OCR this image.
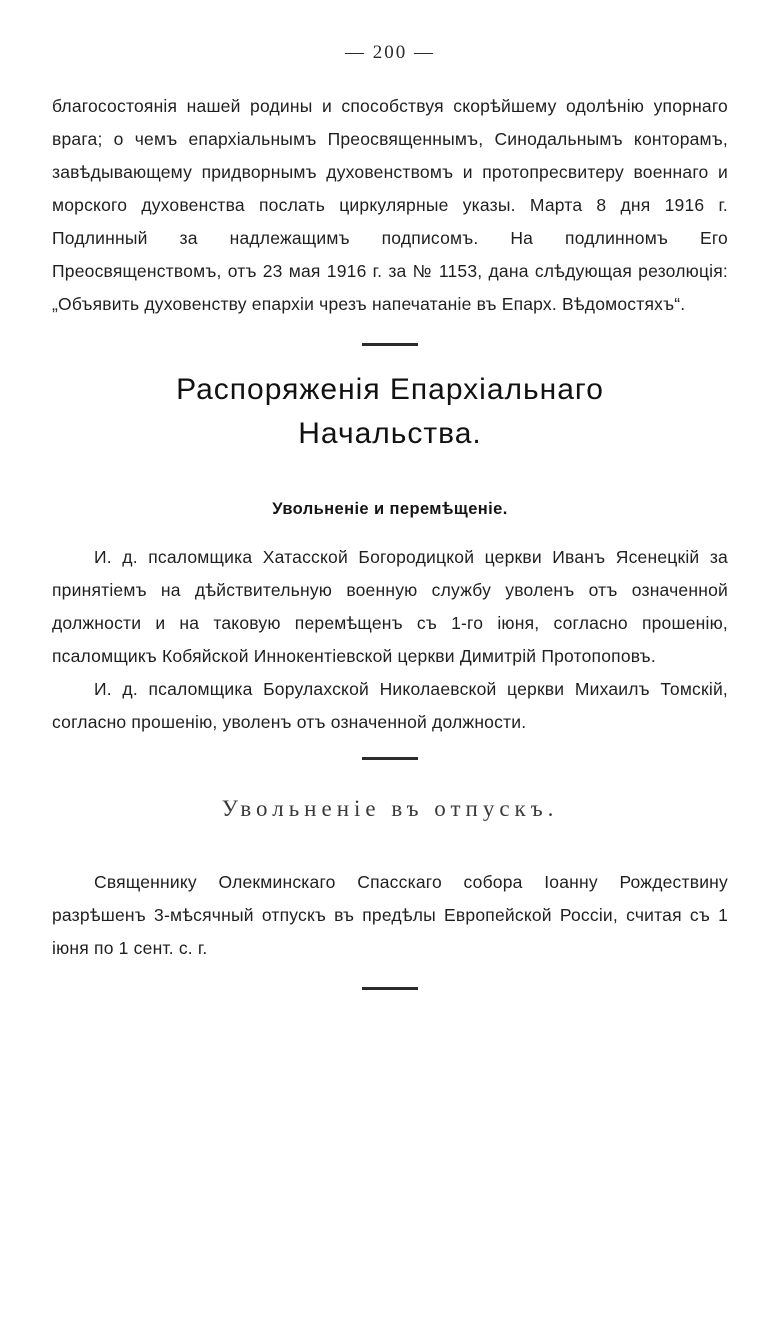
— 200 —

благосостоянія нашей родины и способствуя скорѣйшему одолѣнію упорнаго врага; о чемъ епархіальнымъ Преосвященнымъ, Синодальнымъ конторамъ, завѣдывающему придворнымъ духовенствомъ и протопресвитеру военнаго и морского духовенства послать циркулярные указы. Марта 8 дня 1916 г. Подлинный за надлежащимъ подписомъ. На подлинномъ Его Преосвященствомъ, отъ 23 мая 1916 г. за № 1153, дана слѣдующая резолюція: „Объявить духовенству епархіи чрезъ напечатаніе въ Епарх. Вѣдомостяхъ“.

Распоряженія Епархіальнаго Начальства.
Увольненіе и перемѣщеніе.

И. д. псаломщика Хатасской Богородицкой церкви Иванъ Ясенецкій за принятіемъ на дѣйствительную военную службу уволенъ отъ означенной должности и на таковую перемѣщенъ съ 1-го іюня, согласно прошенію, псаломщикъ Кобяйской Иннокентіевской церкви Димитрій Протопоповъ.

И. д. псаломщика Борулахской Николаевской церкви Михаилъ Томскій, согласно прошенію, уволенъ отъ означенной должности.

Увольненіе въ отпускъ.

Священнику Олекминскаго Спасскаго собора Іоанну Рождествину разрѣшенъ 3-мѣсячный отпускъ въ предѣлы Европейской Россіи, считая съ 1 іюня по 1 сент. с. г.
